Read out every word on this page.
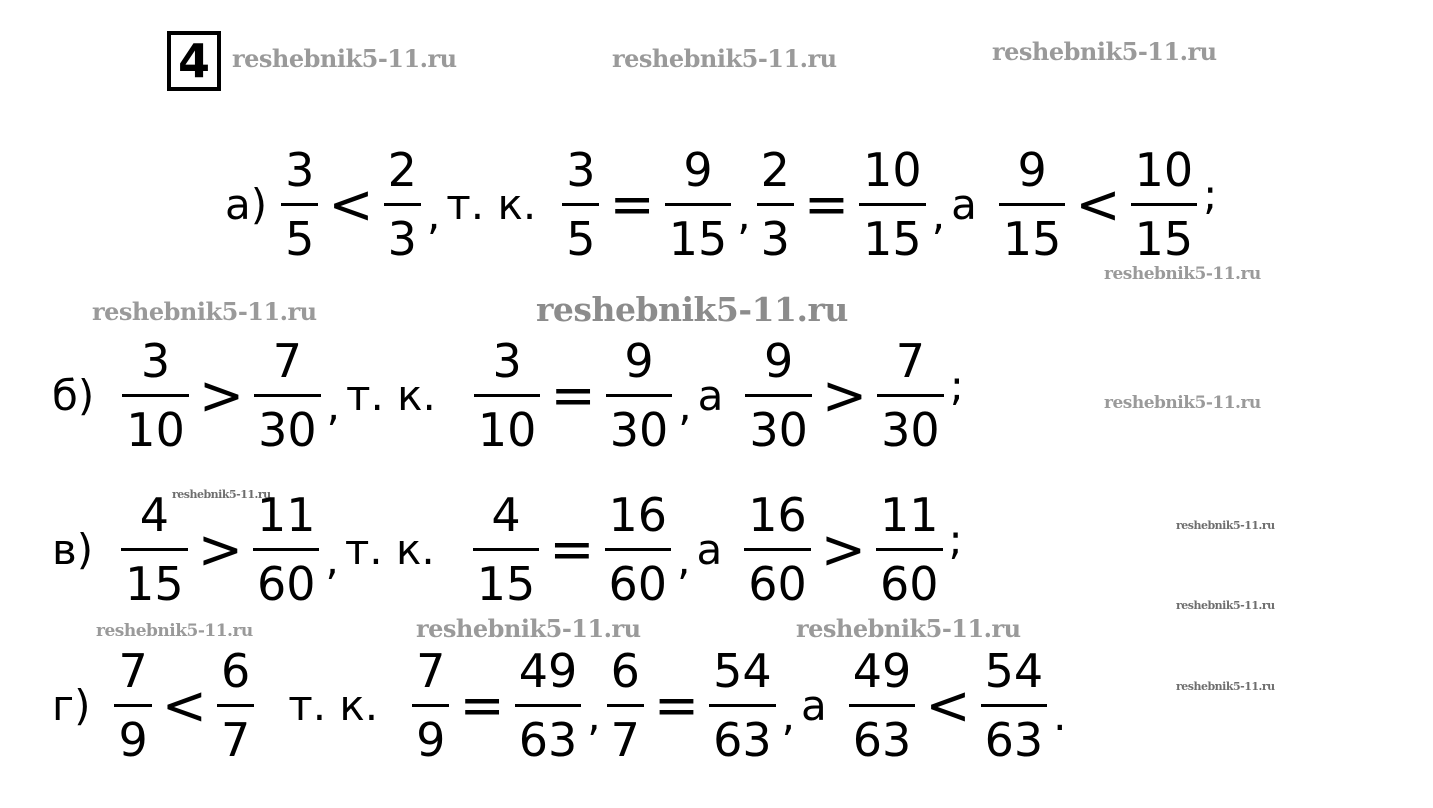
4 reshebnik5-11.ru	reshebnik5-11.ru	reshebnik5-11.ru
reshebnik5-11.ru
reshebnik5-11.ru	reshebnik5-11.ru
reshebnik5-11.ru
reshebnik5-11.ru
reshebnik5-11.ru
reshebnik5-11.ru
reshebnik5-11.ru	reshebnik5-11.ru	reshebnik5-11.ru
reshebnik5-11.ru
$а) \frac{3}{5} < \frac{2}{3}$ , т. к. $\frac{3}{5} = \frac{9}{15}$ , $\frac{2}{3} = \frac{10}{15}$ , а $\frac{9}{15} < \frac{10}{15}$ ;
$б) \frac{3}{10} > \frac{7}{30}$ , т. к. $\frac{3}{10} = \frac{9}{30}$ , а $\frac{9}{30} > \frac{7}{30}$ ;
$в) \frac{4}{15} > \frac{11}{60}$ , т. к. $\frac{4}{15} = \frac{16}{60}$ , а $\frac{16}{60} > \frac{11}{60}$ ;
$г) \frac{7}{9} < \frac{6}{7} т$. к. $\frac{7}{9} = \frac{49}{63}$ , $\frac{6}{7} = \frac{54}{63}$ , а $\frac{49}{63} < \frac{54}{63}$ .
